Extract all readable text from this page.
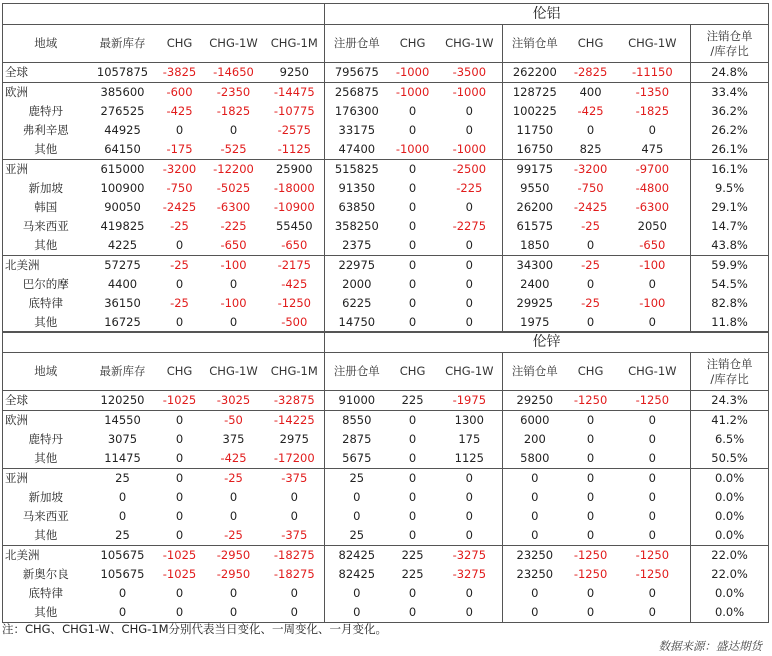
					伦铝						
地域	最新库存	CHG	CHG-1W	CHG-1M	注册仓单	CHG	CHG-1W	注销仓单	CHG	CHG-1W	注销仓单
/库存比
全球	1057875	-3825	-14650	9250	795675	-1000	-3500	262200	-2825	-11150	24.8%
欧洲	385600	-600	-2350	-14475	256875	-1000	-1000	128725	400	-1350	33.4%
鹿特丹	276525	-425	-1825	-10775	176300	0	0	100225	-425	-1825	36.2%
弗利辛恩	44925	0	0	-2575	33175	0	0	11750	0	0	26.2%
其他	64150	-175	-525	-1125	47400	-1000	-1000	16750	825	475	26.1%
亚洲	615000	-3200	-12200	25900	515825	0	-2500	99175	-3200	-9700	16.1%
新加坡	100900	-750	-5025	-18000	91350	0	-225	9550	-750	-4800	9.5%
韩国	90050	-2425	-6300	-10900	63850	0	0	26200	-2425	-6300	29.1%
马来西亚	419825	-25	-225	55450	358250	0	-2275	61575	-25	2050	14.7%
其他	4225	0	-650	-650	2375	0	0	1850	0	-650	43.8%
北美洲	57275	-25	-100	-2175	22975	0	0	34300	-25	-100	59.9%
巴尔的摩	4400	0	0	-425	2000	0	0	2400	0	0	54.5%
底特律	36150	-25	-100	-1250	6225	0	0	29925	-25	-100	82.8%
其他	16725	0	0	-500	14750	0	0	1975	0	0	11.8%
					伦锌						
地域	最新库存	CHG	CHG-1W	CHG-1M	注册仓单	CHG	CHG-1W	注销仓单	CHG	CHG-1W	注销仓单
/库存比
全球	120250	-1025	-3025	-32875	91000	225	-1975	29250	-1250	-1250	24.3%
欧洲	14550	0	-50	-14225	8550	0	1300	6000	0	0	41.2%
鹿特丹	3075	0	375	2975	2875	0	175	200	0	0	6.5%
其他	11475	0	-425	-17200	5675	0	1125	5800	0	0	50.5%
亚洲	25	0	-25	-375	25	0	0	0	0	0	0.0%
新加坡	0	0	0	0	0	0	0	0	0	0	0.0%
马来西亚	0	0	0	0	0	0	0	0	0	0	0.0%
其他	25	0	-25	-375	25	0	0	0	0	0	0.0%
北美洲	105675	-1025	-2950	-18275	82425	225	-3275	23250	-1250	-1250	22.0%
新奥尔良	105675	-1025	-2950	-18275	82425	225	-3275	23250	-1250	-1250	22.0%
底特律	0	0	0	0	0	0	0	0	0	0	0.0%
其他	0	0	0	0	0	0	0	0	0	0	0.0%
注：CHG、CHG1-W、CHG-1M分别代表当日变化、一周变化、一月变化。
数据来源：盛达期货
